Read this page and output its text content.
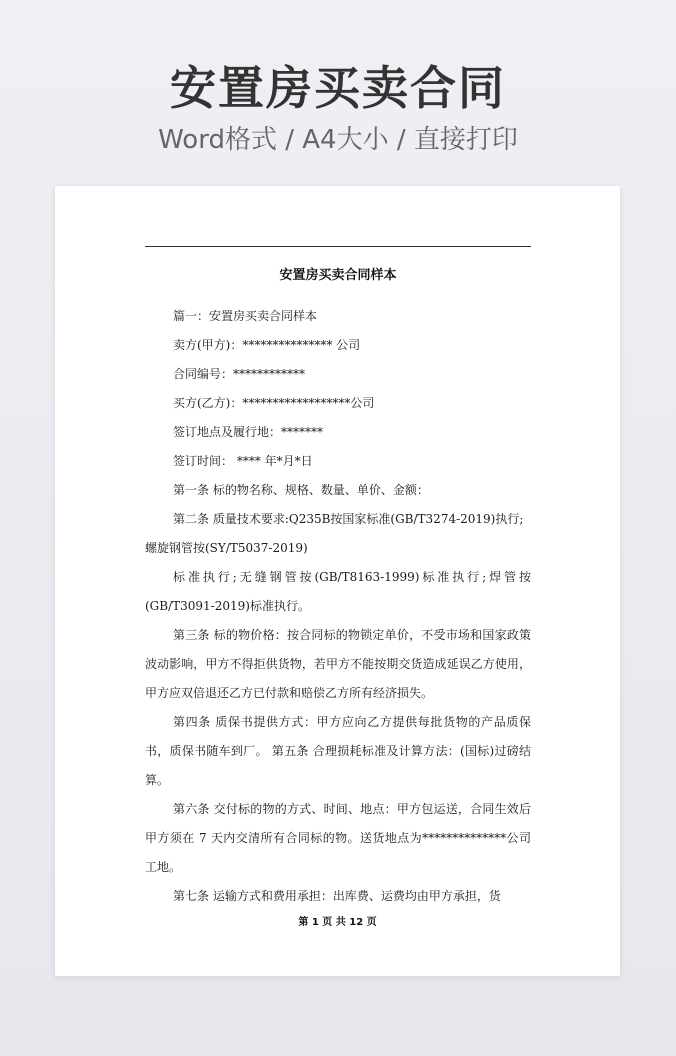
安置房买卖合同
Word格式 / A4大小 / 直接打印
安置房买卖合同样本

篇一：安置房买卖合同样本

卖方(甲方)：*************** 公司

合同编号：************

买方(乙方)：******************公司

签订地点及履行地：*******

签订时间： **** 年*月*日

第一条 标的物名称、规格、数量、单价、金额：

第二条 质量技术要求:Q235B按国家标准(GB/T3274-2019)执行;

螺旋钢管按(SY/T5037-2019)

标准执行;无缝钢管按(GB/T8163-1999)标准执行;焊管按(GB/T3091-2019)标准执行。

第三条 标的物价格：按合同标的物锁定单价，不受市场和国家政策波动影响，甲方不得拒供货物，若甲方不能按期交货造成延误乙方使用，甲方应双倍退还乙方已付款和赔偿乙方所有经济损失。

第四条 质保书提供方式：甲方应向乙方提供每批货物的产品质保书，质保书随车到厂。 第五条 合理损耗标准及计算方法：(国标)过磅结算。

第六条 交付标的物的方式、时间、地点：甲方包运送，合同生效后甲方须在 7 天内交清所有合同标的物。送货地点为**************公司工地。

第七条 运输方式和费用承担：出库费、运费均由甲方承担，货

第 1 页 共 12 页
